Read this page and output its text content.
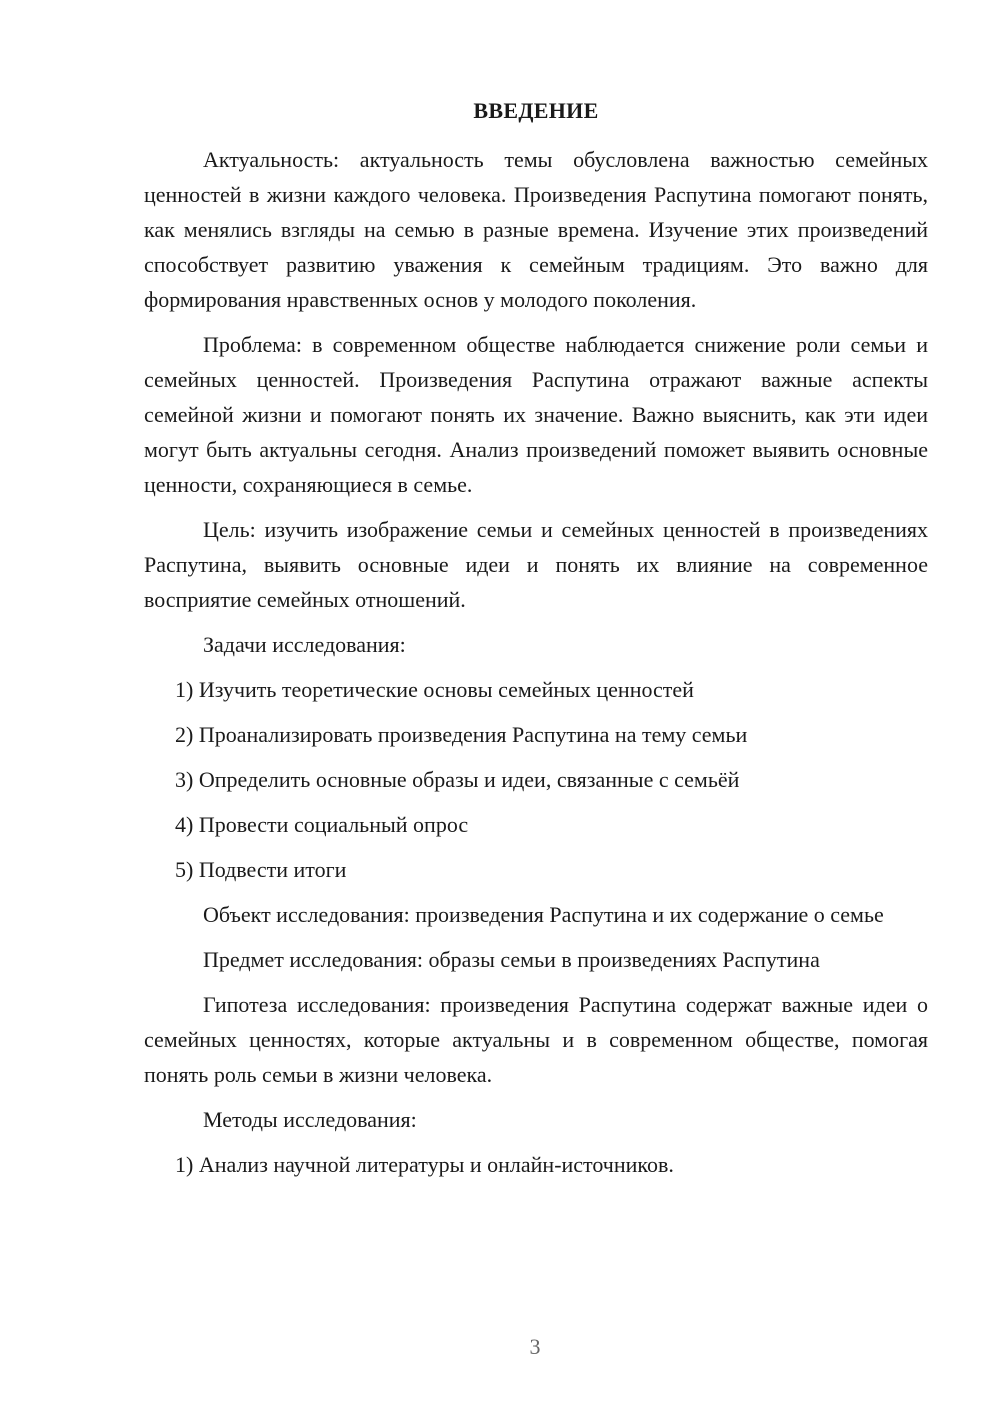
ВВЕДЕНИЕ

Актуальность: актуальность темы обусловлена важностью семейных ценностей в жизни каждого человека. Произведения Распутина помогают понять, как менялись взгляды на семью в разные времена. Изучение этих произведений способствует развитию уважения к семейным традициям. Это важно для формирования нравственных основ у молодого поколения.

Проблема: в современном обществе наблюдается снижение роли семьи и семейных ценностей. Произведения Распутина отражают важные аспекты семейной жизни и помогают понять их значение. Важно выяснить, как эти идеи могут быть актуальны сегодня. Анализ произведений поможет выявить основные ценности, сохраняющиеся в семье.

Цель: изучить изображение семьи и семейных ценностей в произведениях Распутина, выявить основные идеи и понять их влияние на современное восприятие семейных отношений.

Задачи исследования:
1) Изучить теоретические основы семейных ценностей
2) Проанализировать произведения Распутина на тему семьи
3) Определить основные образы и идеи, связанные с семьёй
4) Провести социальный опрос
5) Подвести итоги

Объект исследования: произведения Распутина и их содержание о семье

Предмет исследования: образы семьи в произведениях Распутина

Гипотеза исследования: произведения Распутина содержат важные идеи о семейных ценностях, которые актуальны и в современном обществе, помогая понять роль семьи в жизни человека.

Методы исследования:
1) Анализ научной литературы и онлайн-источников.
3
